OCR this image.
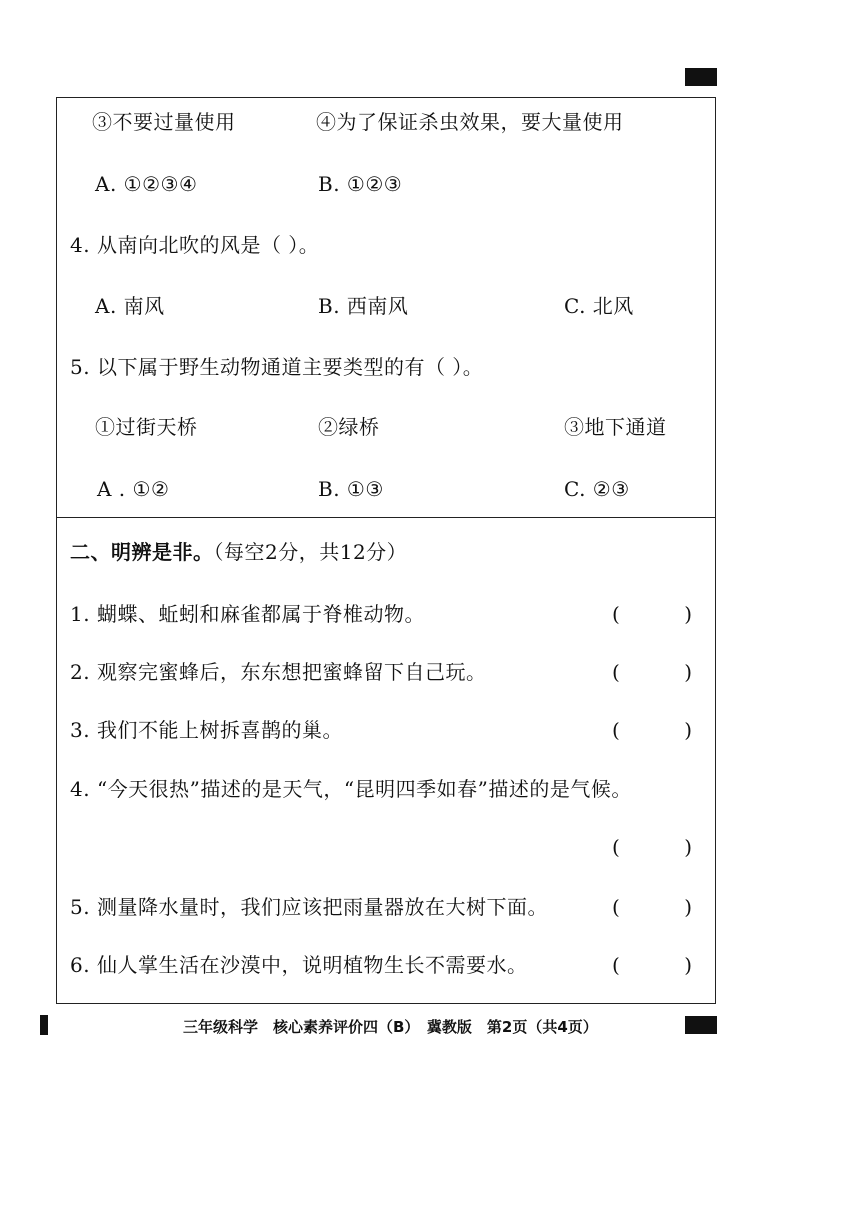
③不要过量使用	④为了保证杀虫效果，要大量使用
A. ①②③④	B. ①②③
4. 从南向北吹的风是（ ）。
A. 南风	B. 西南风	C. 北风
5. 以下属于野生动物通道主要类型的有（ ）。
①过街天桥	②绿桥	③地下通道
A . ①②	B. ①③	C. ②③
二、明辨是非。（每空2分，共12分）
1. 蝴蝶、蚯蚓和麻雀都属于脊椎动物。	(	)
2. 观察完蜜蜂后，东东想把蜜蜂留下自己玩。	(	)
3. 我们不能上树拆喜鹊的巢。	(	)
4. “今天很热”描述的是天气，“昆明四季如春”描述的是气候。
(	)
5. 测量降水量时，我们应该把雨量器放在大树下面。	(	)
6. 仙人掌生活在沙漠中，说明植物生长不需要水。	(	)
三年级科学　核心素养评价四（B）　冀教版　第2页（共4页）
